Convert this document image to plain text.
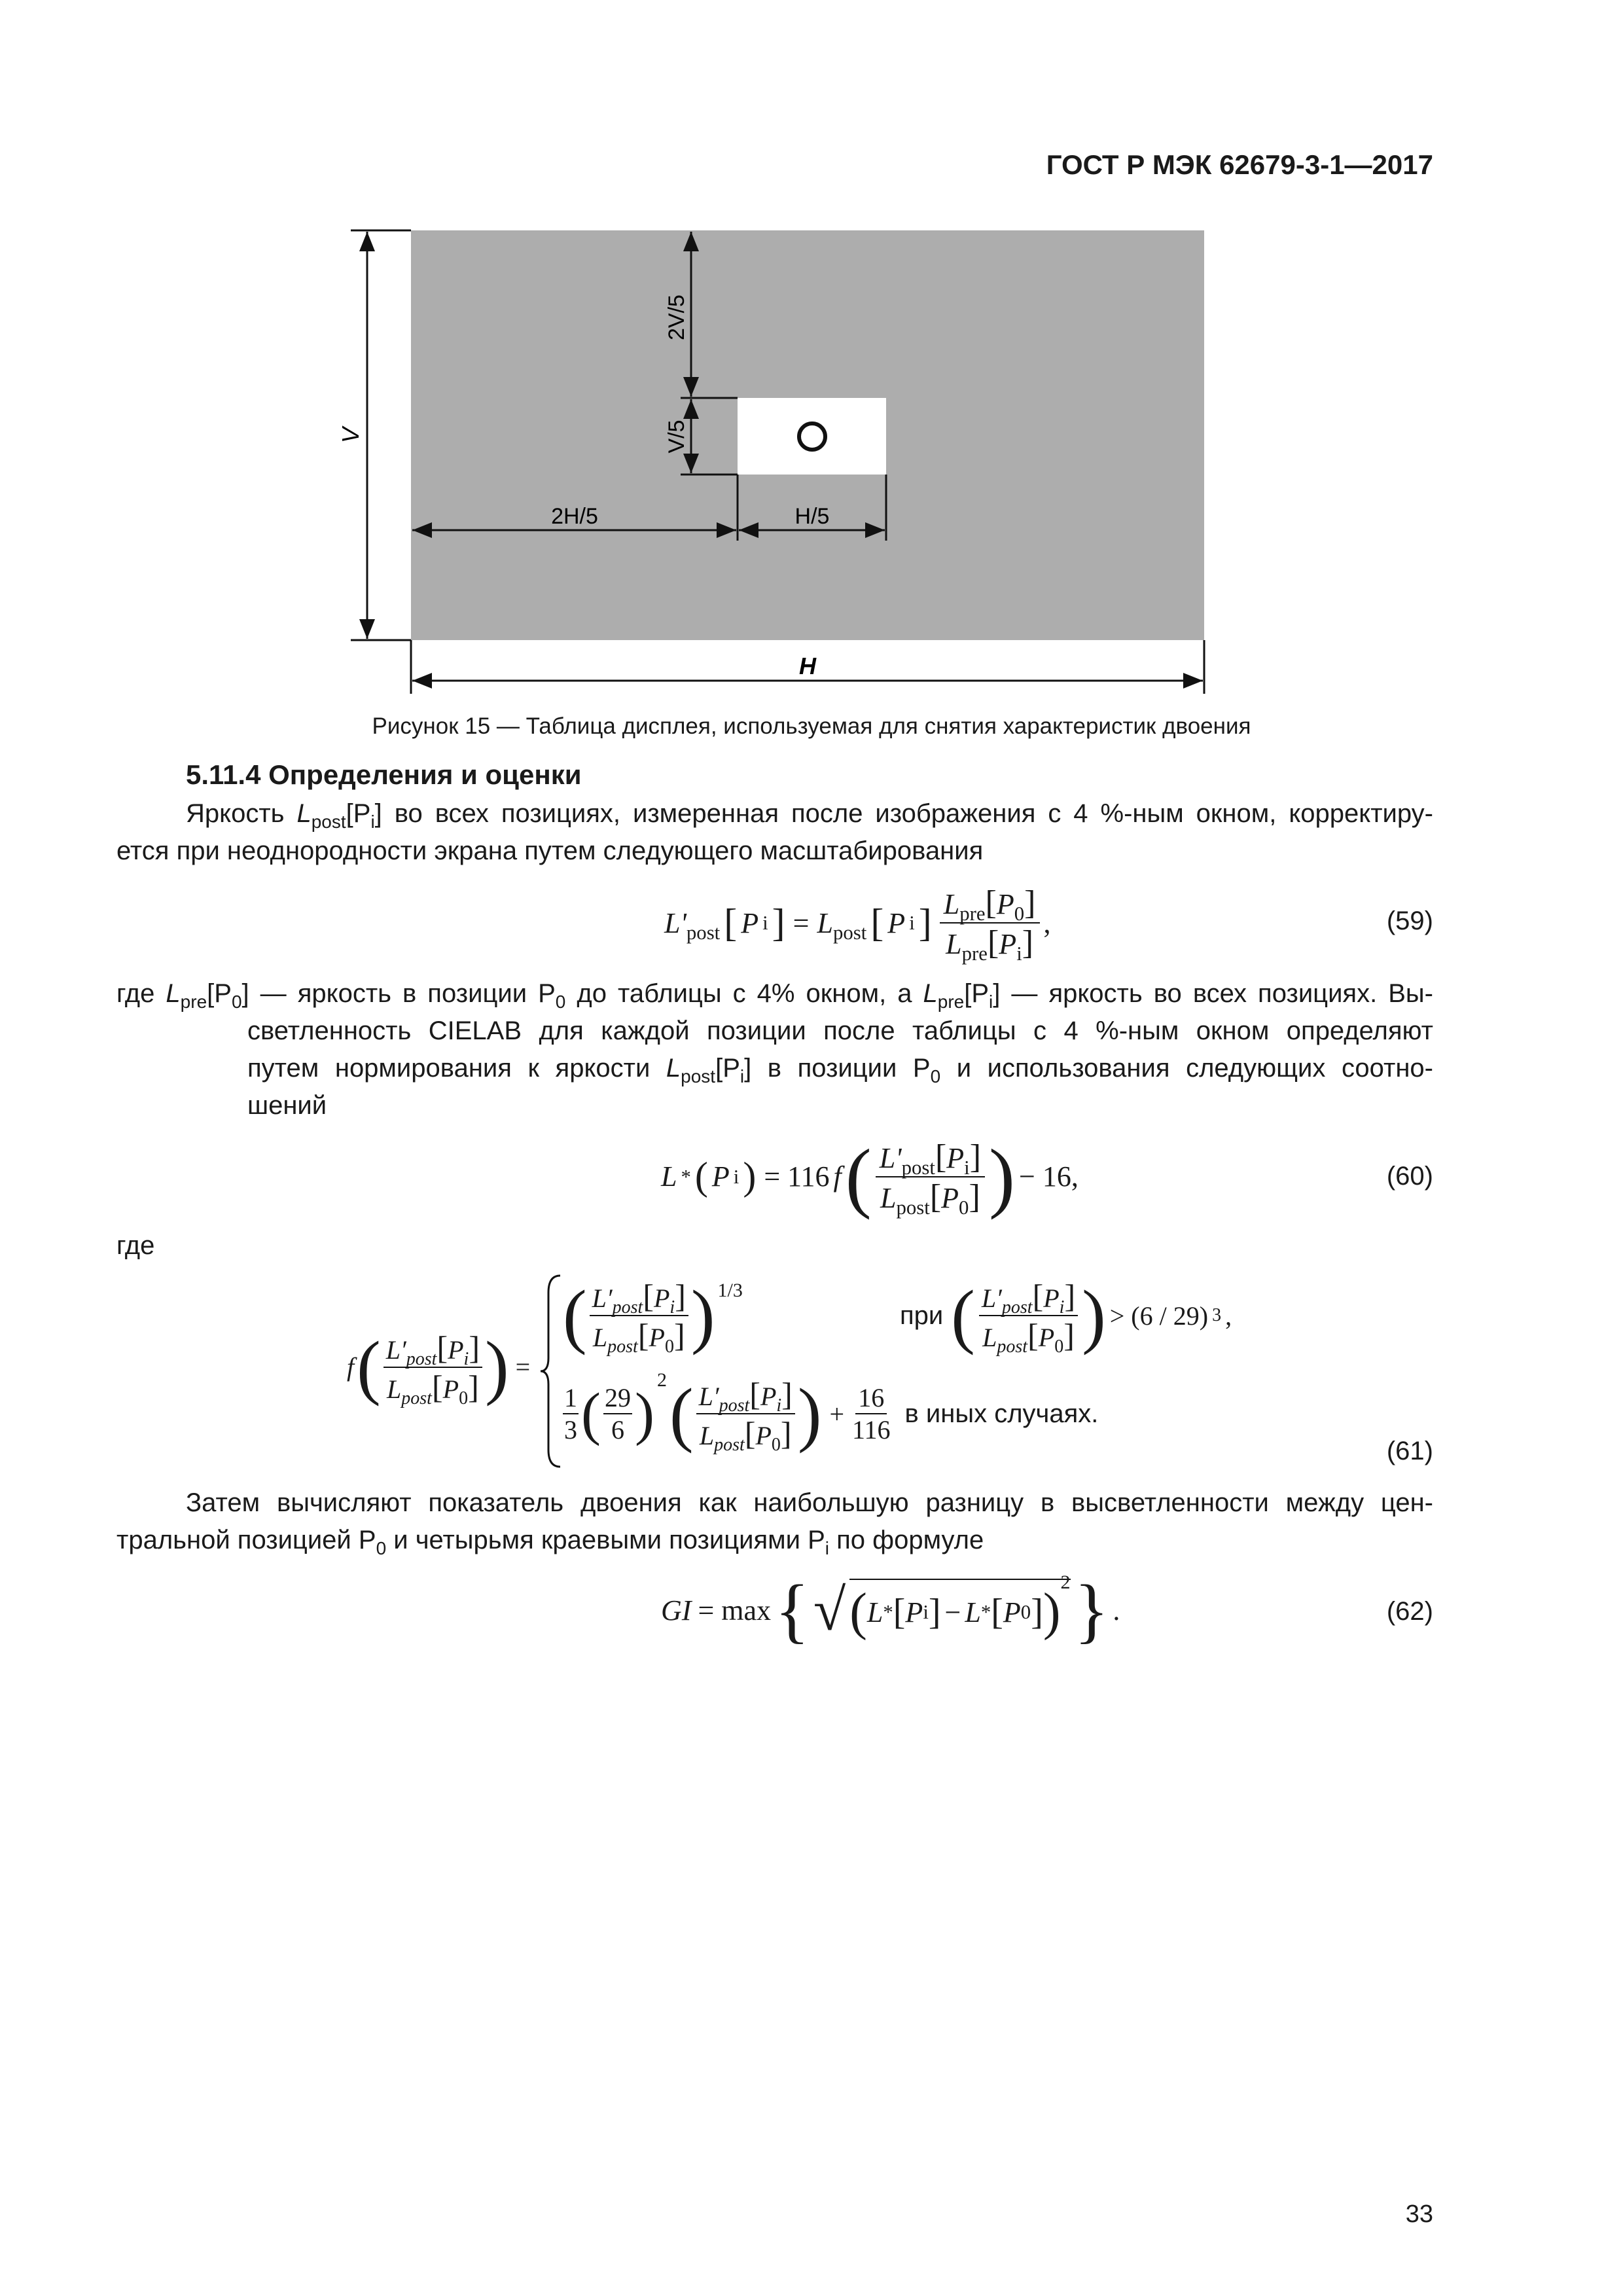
ГОСТ Р МЭК 62679-3-1—2017
V
2V/5
V/5
2H/5	H/5
H
Рисунок 15 — Таблица дисплея, используемая для снятия характеристик двоения
5.11.4 Определения и оценки
Яркость $L_{post}[P_i]$ во всех позициях, измеренная после изображения с 4 %-ным окном, корректиру-
ется при неоднородности экрана путем следующего масштабирования
$L'_{post}$ [ P i ] = $L_{post}$ [ P i ] $L_{pre}[P_0]$
$L_{pre}[P_i]$
,	(59)
где $L_{pre}[P_0]$ — яркость в позиции $P_0$ до таблицы с 4% окном, а $L_{pre}[P_i]$ — яркость во всех позициях. Вы-
светленность CIELAB для каждой позиции после таблицы с 4 %-ным окном определяют
путем нормирования к яркости $L_{post}[P_i]$ в позиции $P_0$ и использования следующих соотно-
шений
L * ( P i ) = 116 f ( $L'_{post}[P_i]$
$L_{post}[P_0]$ ) − 16,	(60)
где
f ( $L'_{post}[P_i]$
$L_{post}[P_0]$ ) =
( $L'_{post}[P_i]$
$L_{post}[P_0]$ ) 1/3
при ( $L'_{post}[P_i]$
$L_{post}[P_0]$ ) > (6 / 29) 3 ,
1
3 ( 29
6 )
2 ( $L'_{post}[P_i]$
$L_{post}[P_0]$ ) + $\frac{16}{116}$ в иных случаях.
(61)
Затем вычисляют показатель двоения как наибольшую разницу в высветленности между цен-
тральной позицией $P_0$ и четырьмя краевыми позициями $P_i$ по формуле
GI = max { √ ( L * [ P i ] − L * [ P 0 ] )
2 } .	(62)
33
